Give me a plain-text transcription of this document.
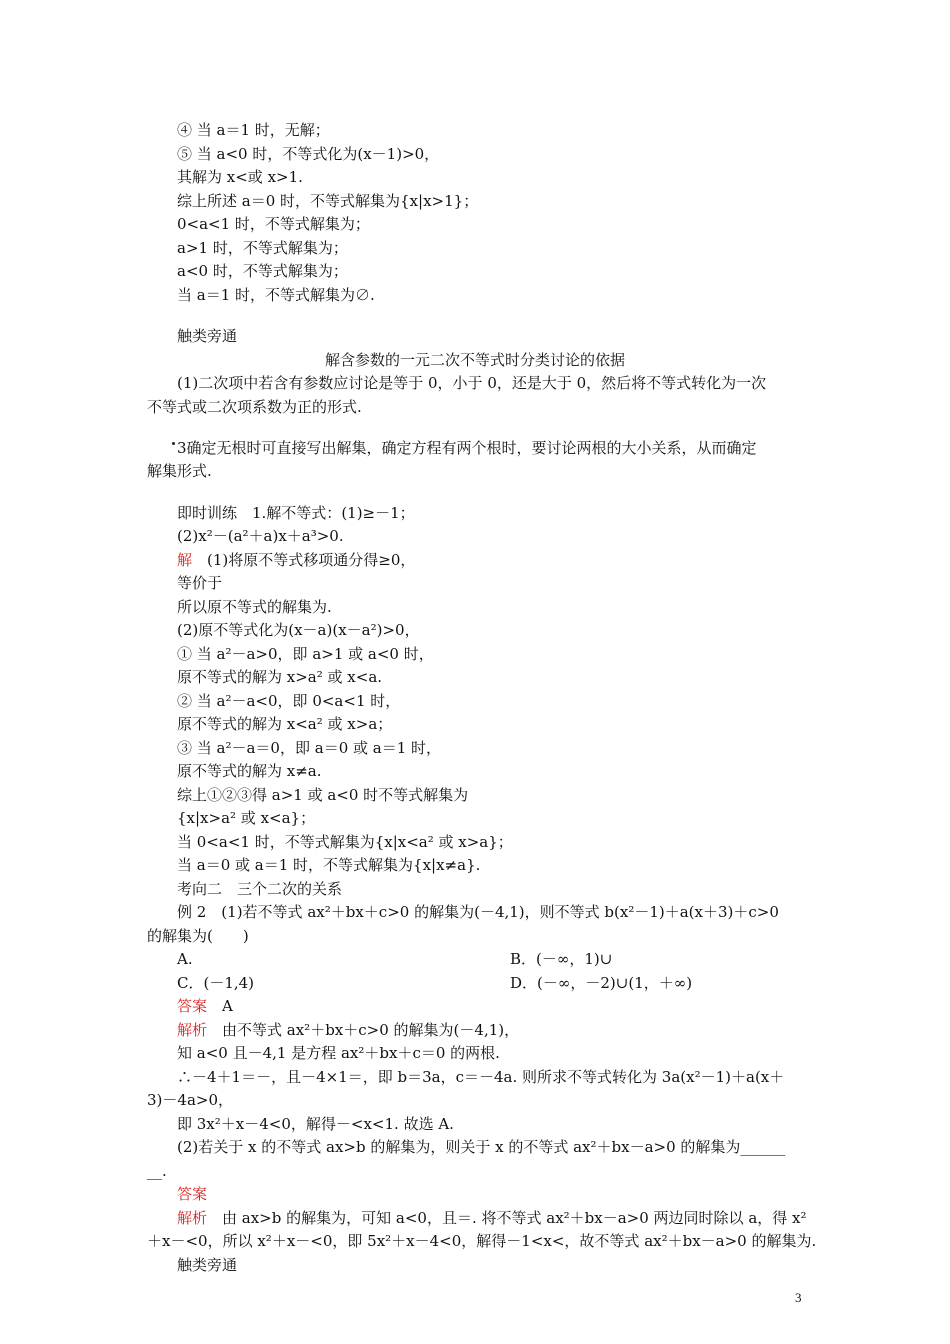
④ 当 a＝1 时，无解；
⑤ 当 a<0 时，不等式化为(x－1)>0，
其解为 x<或 x>1.
综上所述 a＝0 时，不等式解集为{x|x>1}；
0<a<1 时，不等式解集为；
a>1 时，不等式解集为；
a<0 时，不等式解集为；
当 a＝1 时，不等式解集为∅.
触类旁通
解含参数的一元二次不等式时分类讨论的依据
(1)二次项中若含有参数应讨论是等于 0，小于 0，还是大于 0，然后将不等式转化为一次
不等式或二次项系数为正的形式.
3确定无根时可直接写出解集，确定方程有两个根时，要讨论两根的大小关系，从而确定
解集形式.
即时训练　1.解不等式：(1)≥－1；
(2)x²－(a²＋a)x＋a³>0.
解　(1)将原不等式移项通分得≥0，
等价于
所以原不等式的解集为.
(2)原不等式化为(x－a)(x－a²)>0，
① 当 a²－a>0，即 a>1 或 a<0 时，
原不等式的解为 x>a² 或 x<a.
② 当 a²－a<0，即 0<a<1 时，
原不等式的解为 x<a² 或 x>a；
③ 当 a²－a＝0，即 a＝0 或 a＝1 时，
原不等式的解为 x≠a.
综上①②③得 a>1 或 a<0 时不等式解集为
{x|x>a² 或 x<a}；
当 0<a<1 时，不等式解集为{x|x<a² 或 x>a}；
当 a＝0 或 a＝1 时，不等式解集为{x|x≠a}.
考向二　三个二次的关系
例 2　(1)若不等式 ax²＋bx＋c>0 的解集为(－4,1)，则不等式 b(x²－1)＋a(x＋3)＋c>0
的解集为(　　)
A.	B．(－∞，1)∪
C．(－1,4)	D．(－∞，－2)∪(1，＋∞)
答案　A
解析　由不等式 ax²＋bx＋c>0 的解集为(－4,1)，
知 a<0 且－4,1 是方程 ax²＋bx＋c＝0 的两根.
∴－4＋1＝－，且－4×1＝，即 b＝3a，c＝－4a. 则所求不等式转化为 3a(x²－1)＋a(x＋
3)－4a>0，
即 3x²＋x－4<0，解得－<x<1. 故选 A.
(2)若关于 x 的不等式 ax>b 的解集为，则关于 x 的不等式 ax²＋bx－a>0 的解集为______
__.
答案
解析　由 ax>b 的解集为，可知 a<0，且＝. 将不等式 ax²＋bx－a>0 两边同时除以 a，得 x²
＋x－<0，所以 x²＋x－<0，即 5x²＋x－4<0，解得－1<x<，故不等式 ax²＋bx－a>0 的解集为.
触类旁通
3
